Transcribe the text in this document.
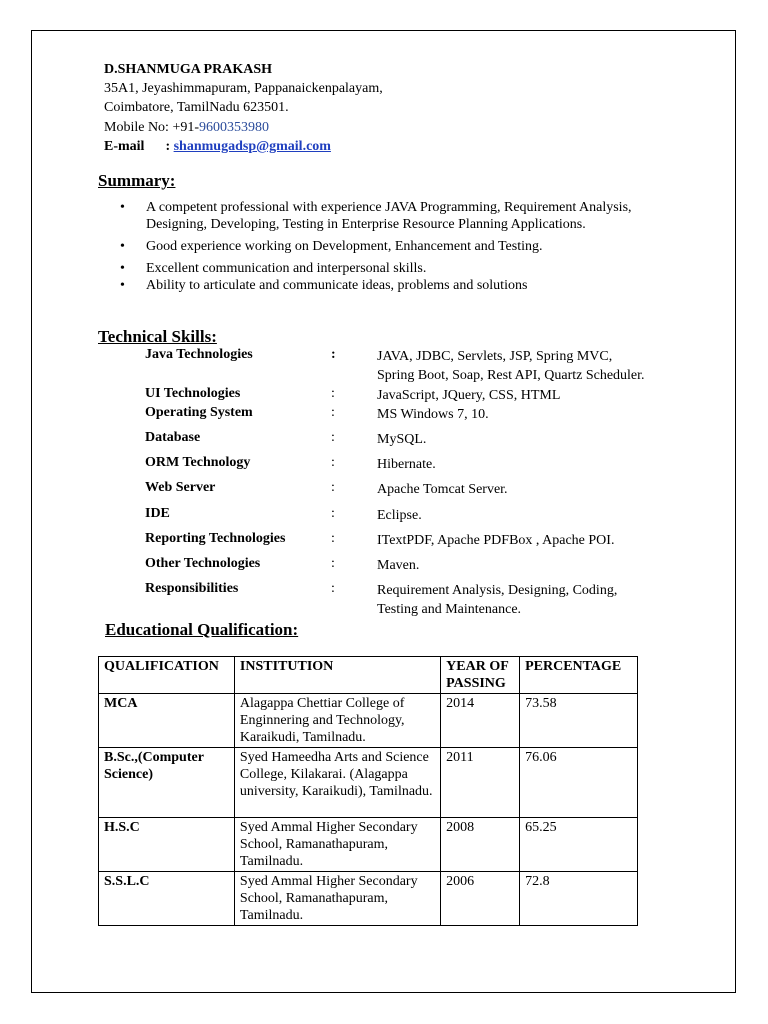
D.SHANMUGA PRAKASH
35A1, Jeyashimmapuram, Pappanaickenpalayam,
Coimbatore, TamilNadu 623501.
Mobile No: +91-9600353980
E-mail      : shanmugadsp@gmail.com
Summary:
• A competent professional with experience JAVA Programming, Requirement Analysis, Designing, Developing, Testing in Enterprise Resource Planning Applications.
• Good experience working on Development, Enhancement and Testing.
• Excellent communication and interpersonal skills.
• Ability to articulate and communicate ideas, problems and solutions
Technical Skills:
Java Technologies	:	JAVA, JDBC, Servlets, JSP, Spring MVC,
Spring Boot, Soap, Rest API, Quartz Scheduler.
UI Technologies	:	JavaScript, JQuery, CSS, HTML
Operating System	:	MS Windows 7, 10.
Database	:	MySQL.
ORM Technology	:	Hibernate.
Web Server	:	Apache Tomcat Server.
IDE	:	Eclipse.
Reporting Technologies	:	ITextPDF, Apache PDFBox , Apache POI.
Other Technologies	:	Maven.
Responsibilities	:	Requirement Analysis, Designing, Coding,
Testing and Maintenance.
Educational Qualification:
QUALIFICATION	INSTITUTION	YEAR OF PASSING	PERCENTAGE
MCA	Alagappa Chettiar College of Enginnering and Technology, Karaikudi, Tamilnadu.	2014	73.58
B.Sc.,(Computer Science)	Syed Hameedha Arts and Science College, Kilakarai. (Alagappa university, Karaikudi), Tamilnadu.	2011	76.06
H.S.C	Syed Ammal Higher Secondary School, Ramanathapuram, Tamilnadu.	2008	65.25
S.S.L.C	Syed Ammal Higher Secondary School, Ramanathapuram, Tamilnadu.	2006	72.8
